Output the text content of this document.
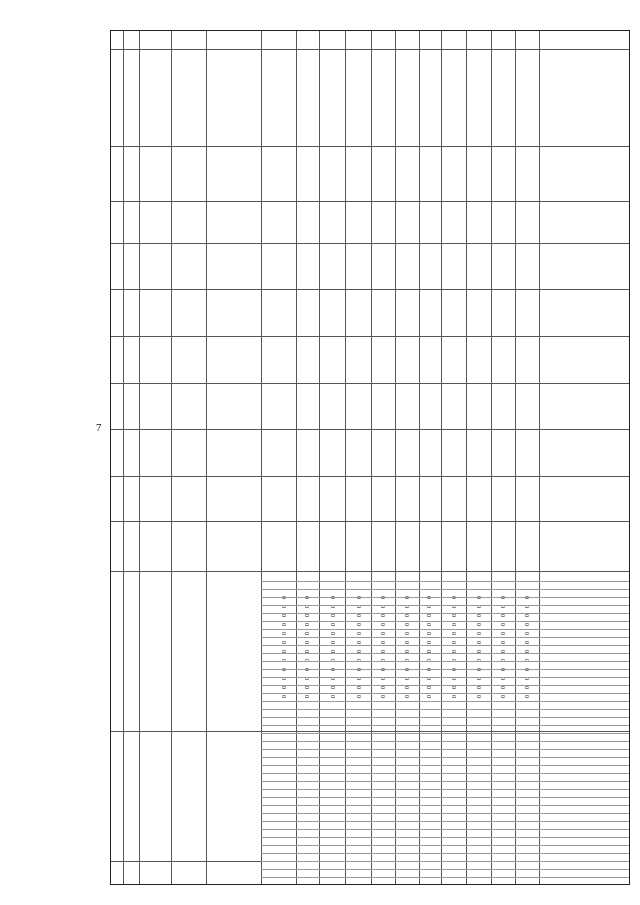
7
0
0
0
0
0
0
0
0
0
0
0
0
0
0
0
0
0
0
0
0
0
0
0
0
0
0
0
0
0
0
0
0
0
0
0
0
0
0
0
0
0
0
0
0
0
0
0
0
0
0
0
0
0
0
0
0
0
0
0
0
0
0
0
0
0
0
0
0
0
0
0
0
0
0
0
0
0
0
0
0
0
0
0
0
0
0
0
0
0
0
0
0
0
0
0
0
0
0
0
0
0
0
0
0
0
0
0
0
0
0
0
0
0
0
0
0
0
0
0
0
0
0
0
0
0
0
0
0
0
0
0
0
